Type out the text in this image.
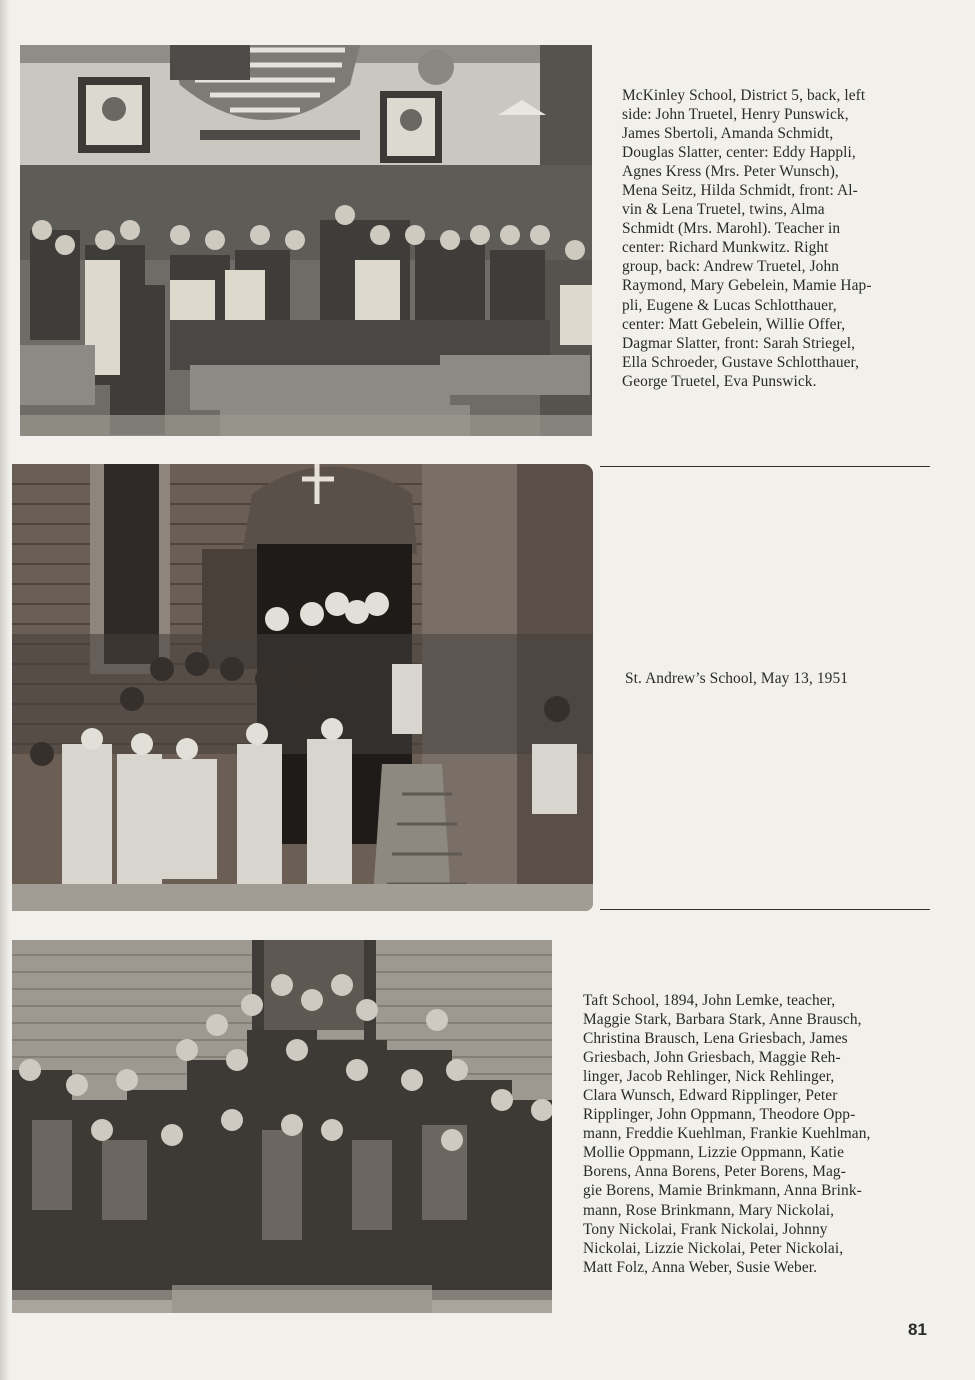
McKinley School, District 5, back, left
side: John Truetel, Henry Punswick,
James Sbertoli, Amanda Schmidt,
Douglas Slatter, center: Eddy Happli,
Agnes Kress (Mrs. Peter Wunsch),
Mena Seitz, Hilda Schmidt, front: Al-
vin & Lena Truetel, twins, Alma
Schmidt (Mrs. Marohl). Teacher in
center: Richard Munkwitz. Right
group, back: Andrew Truetel, John
Raymond, Mary Gebelein, Mamie Hap-
pli, Eugene & Lucas Schlotthauer,
center: Matt Gebelein, Willie Offer,
Dagmar Slatter, front: Sarah Striegel,
Ella Schroeder, Gustave Schlotthauer,
George Truetel, Eva Punswick.

St. Andrew’s School, May 13, 1951

Taft School, 1894, John Lemke, teacher,
Maggie Stark, Barbara Stark, Anne Brausch,
Christina Brausch, Lena Griesbach, James
Griesbach, John Griesbach, Maggie Reh-
linger, Jacob Rehlinger, Nick Rehlinger,
Clara Wunsch, Edward Ripplinger, Peter
Ripplinger, John Oppmann, Theodore Opp-
mann, Freddie Kuehlman, Frankie Kuehlman,
Mollie Oppmann, Lizzie Oppmann, Katie
Borens, Anna Borens, Peter Borens, Mag-
gie Borens, Mamie Brinkmann, Anna Brink-
mann, Rose Brinkmann, Mary Nickolai,
Tony Nickolai, Frank Nickolai, Johnny
Nickolai, Lizzie Nickolai, Peter Nickolai,
Matt Folz, Anna Weber, Susie Weber.

81
